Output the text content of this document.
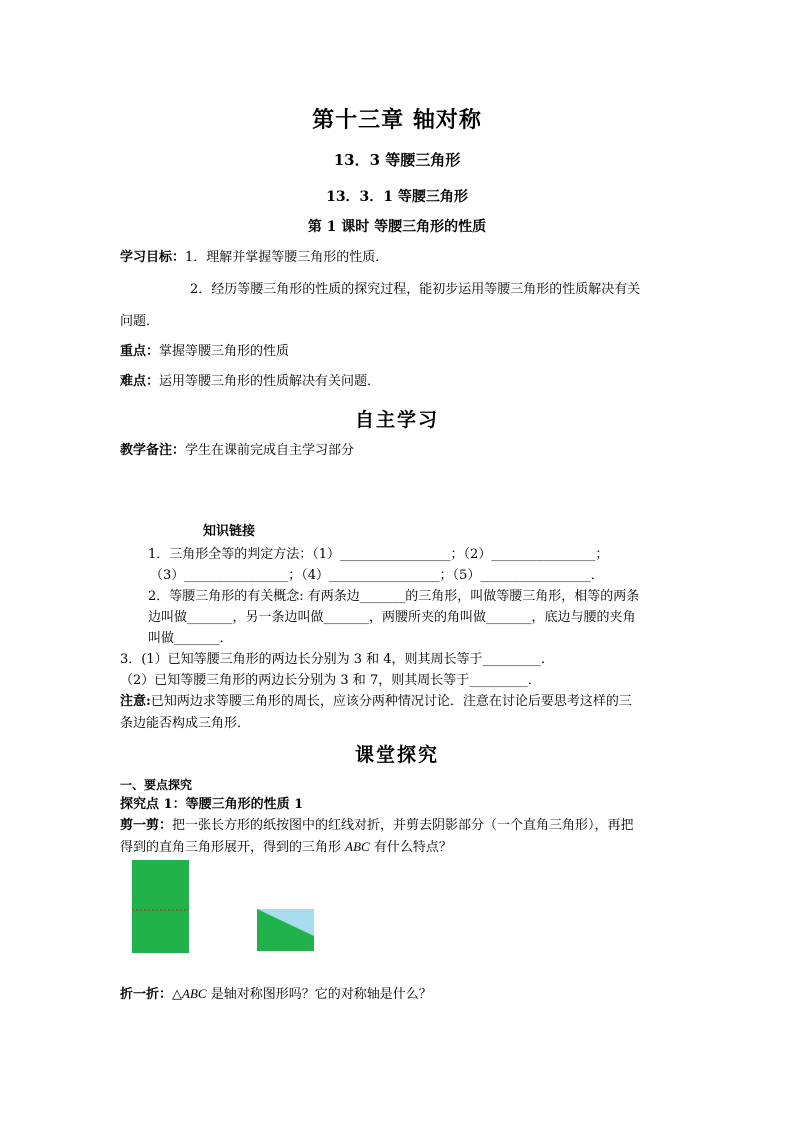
第十三章 轴对称
13．3 等腰三角形
13．3．1 等腰三角形
第 1 课时 等腰三角形的性质
学习目标：1．理解并掌握等腰三角形的性质．
2．经历等腰三角形的性质的探究过程，能初步运用等腰三角形的性质解决有关
问题．
重点：掌握等腰三角形的性质
难点：运用等腰三角形的性质解决有关问题．
自主学习
教学备注：学生在课前完成自主学习部分
知识链接
1．三角形全等的判定方法：（1）_________________；（2）________________；
（3）________________；（4）_________________；（5）_________________．
2．等腰三角形的有关概念: 有两条边_______的三角形，叫做等腰三角形，相等的两条
边叫做_______，另一条边叫做_______，两腰所夹的角叫做_______，底边与腰的夹角
叫做_______．
3．(1）已知等腰三角形的两边长分别为 3 和 4，则其周长等于_________．
（2）已知等腰三角形的两边长分别为 3 和 7，则其周长等于_________．
注意:已知两边求等腰三角形的周长，应该分两种情况讨论．注意在讨论后要思考这样的三
条边能否构成三角形．
课堂探究
一、要点探究
探究点 1：等腰三角形的性质 1
剪一剪：把一张长方形的纸按图中的红线对折，并剪去阴影部分（一个直角三角形），再把
得到的直角三角形展开，得到的三角形 ABC 有什么特点？
折一折：△ABC 是轴对称图形吗？它的对称轴是什么？
